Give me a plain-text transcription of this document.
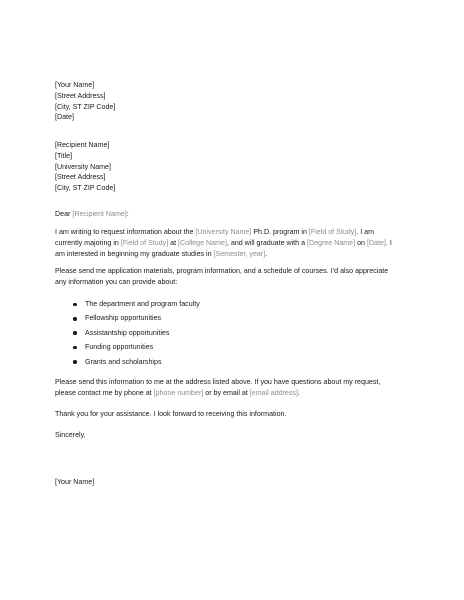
[Your Name]
[Street Address]
[City, ST ZIP Code]
[Date]
[Recipient Name]
[Title]
[University Name]
[Street Address]
[City, ST ZIP Code]
Dear [Recipient Name]:
I am writing to request information about the [University Name] Ph.D. program in [Field of Study]. I am
currently majoring in [Field of Study] at [College Name], and will graduate with a [Degree Name] on [Date]. I
am interested in beginning my graduate studies in [Semester, year].
Please send me application materials, program information, and a schedule of courses. I’d also appreciate
any information you can provide about:
The department and program faculty
Fellowship opportunities
Assistantship opportunities
Funding opportunities
Grants and scholarships
Please send this information to me at the address listed above. If you have questions about my request,
please contact me by phone at [phone number] or by email at [email address].
Thank you for your assistance. I look forward to receiving this information.
Sincerely,
[Your Name]
